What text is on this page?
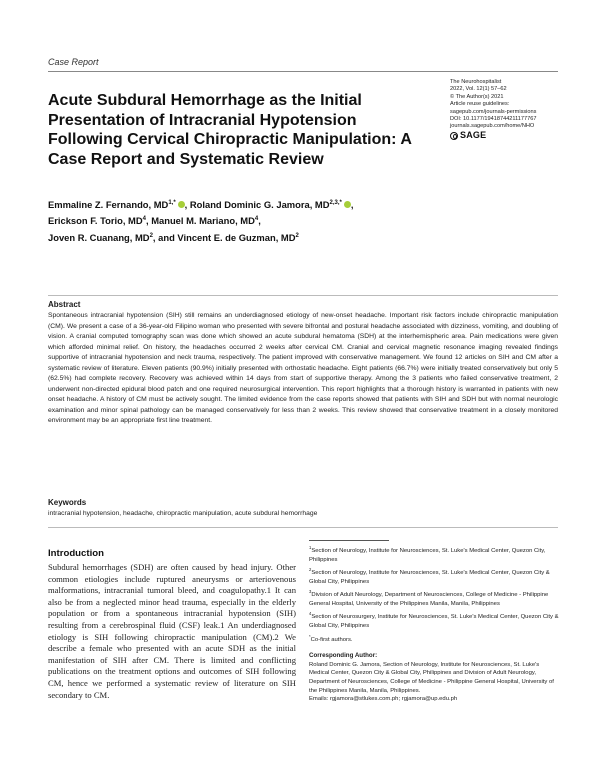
Case Report
The Neurohospitalist
2022, Vol. 12(1) 57–62
© The Author(s) 2021
Article reuse guidelines:
sagepub.com/journals-permissions
DOI: 10.1177/19418744211177767
journals.sagepub.com/home/NHO
SAGE
Acute Subdural Hemorrhage as the Initial Presentation of Intracranial Hypotension Following Cervical Chiropractic Manipulation: A Case Report and Systematic Review
Emmaline Z. Fernando, $MD^{1,*}$ , Roland Dominic G. Jamora, $MD^{2,3,*}$ ,
Erickson F. Torio, $MD^4$, Manuel M. Mariano, $MD^4$,
Joven R. Cuanang, $MD^2$, and Vincent E. de Guzman, $MD^2$
Abstract

Spontaneous intracranial hypotension (SIH) still remains an underdiagnosed etiology of new-onset headache. Important risk factors include chiropractic manipulation (CM). We present a case of a 36-year-old Filipino woman who presented with severe bifrontal and postural headache associated with dizziness, vomiting, and doubling of vision. A cranial computed tomography scan was done which showed an acute subdural hematoma (SDH) at the interhemispheric area. Pain medications were given which afforded minimal relief. On history, the headaches occurred 2 weeks after cervical CM. Cranial and cervical magnetic resonance imaging revealed findings supportive of intracranial hypotension and neck trauma, respectively. The patient improved with conservative management. We found 12 articles on SIH and CM after a systematic review of literature. Eleven patients (90.9%) initially presented with orthostatic headache. Eight patients (66.7%) were initially treated conservatively but only 5 (62.5%) had complete recovery. Recovery was achieved within 14 days from start of supportive therapy. Among the 3 patients who failed conservative treatment, 2 underwent non-directed epidural blood patch and one required neurosurgical intervention. This report highlights that a thorough history is warranted in patients with new onset headache. A history of CM must be actively sought. The limited evidence from the case reports showed that patients with SIH and SDH but with normal neurologic examination and minor spinal pathology can be managed conservatively for less than 2 weeks. This review showed that conservative treatment in a closely monitored environment may be an appropriate first line treatment.

Keywords
intracranial hypotension, headache, chiropractic manipulation, acute subdural hemorrhage
Introduction

Subdural hemorrhages (SDH) are often caused by head injury. Other common etiologies include ruptured aneurysms or arteriovenous malformations, intracranial tumoral bleed, and coagulopathy.1 It can also be from a neglected minor head trauma, especially in the elderly population or from a spontaneous intracranial hypotension (SIH) resulting from a cerebrospinal fluid (CSF) leak.1 An underdiagnosed etiology is SIH following chiropractic manipulation (CM).2 We describe a female who presented with an acute SDH as the initial manifestation of SIH after CM. There is limited and conflicting publications on the treatment options and outcomes of SIH following CM, hence we performed a systematic review of literature on SIH secondary to CM.

$^1$Section of Neurology, Institute for Neurosciences, St. Luke's Medical Center, Quezon City, Philippines
$^2$Section of Neurology, Institute for Neurosciences, St. Luke's Medical Center, Quezon City & Global City, Philippines
$^3$Division of Adult Neurology, Department of Neurosciences, College of Medicine - Philippine General Hospital, University of the Philippines Manila, Manila, Philippines
$^4$Section of Neurosurgery, Institute for Neurosciences, St. Luke's Medical Center, Quezon City & Global City, Philippines
*Co-first authors.
Corresponding Author:

Roland Dominic G. Jamora, Section of Neurology, Institute for Neurosciences, St. Luke's Medical Center, Quezon City & Global City, Philippines and Division of Adult Neurology, Department of Neurosciences, College of Medicine - Philippine General Hospital, University of the Philippines Manila, Manila, Philippines.

Emails: rgjamora@stlukes.com.ph; rgjamora@up.edu.ph
